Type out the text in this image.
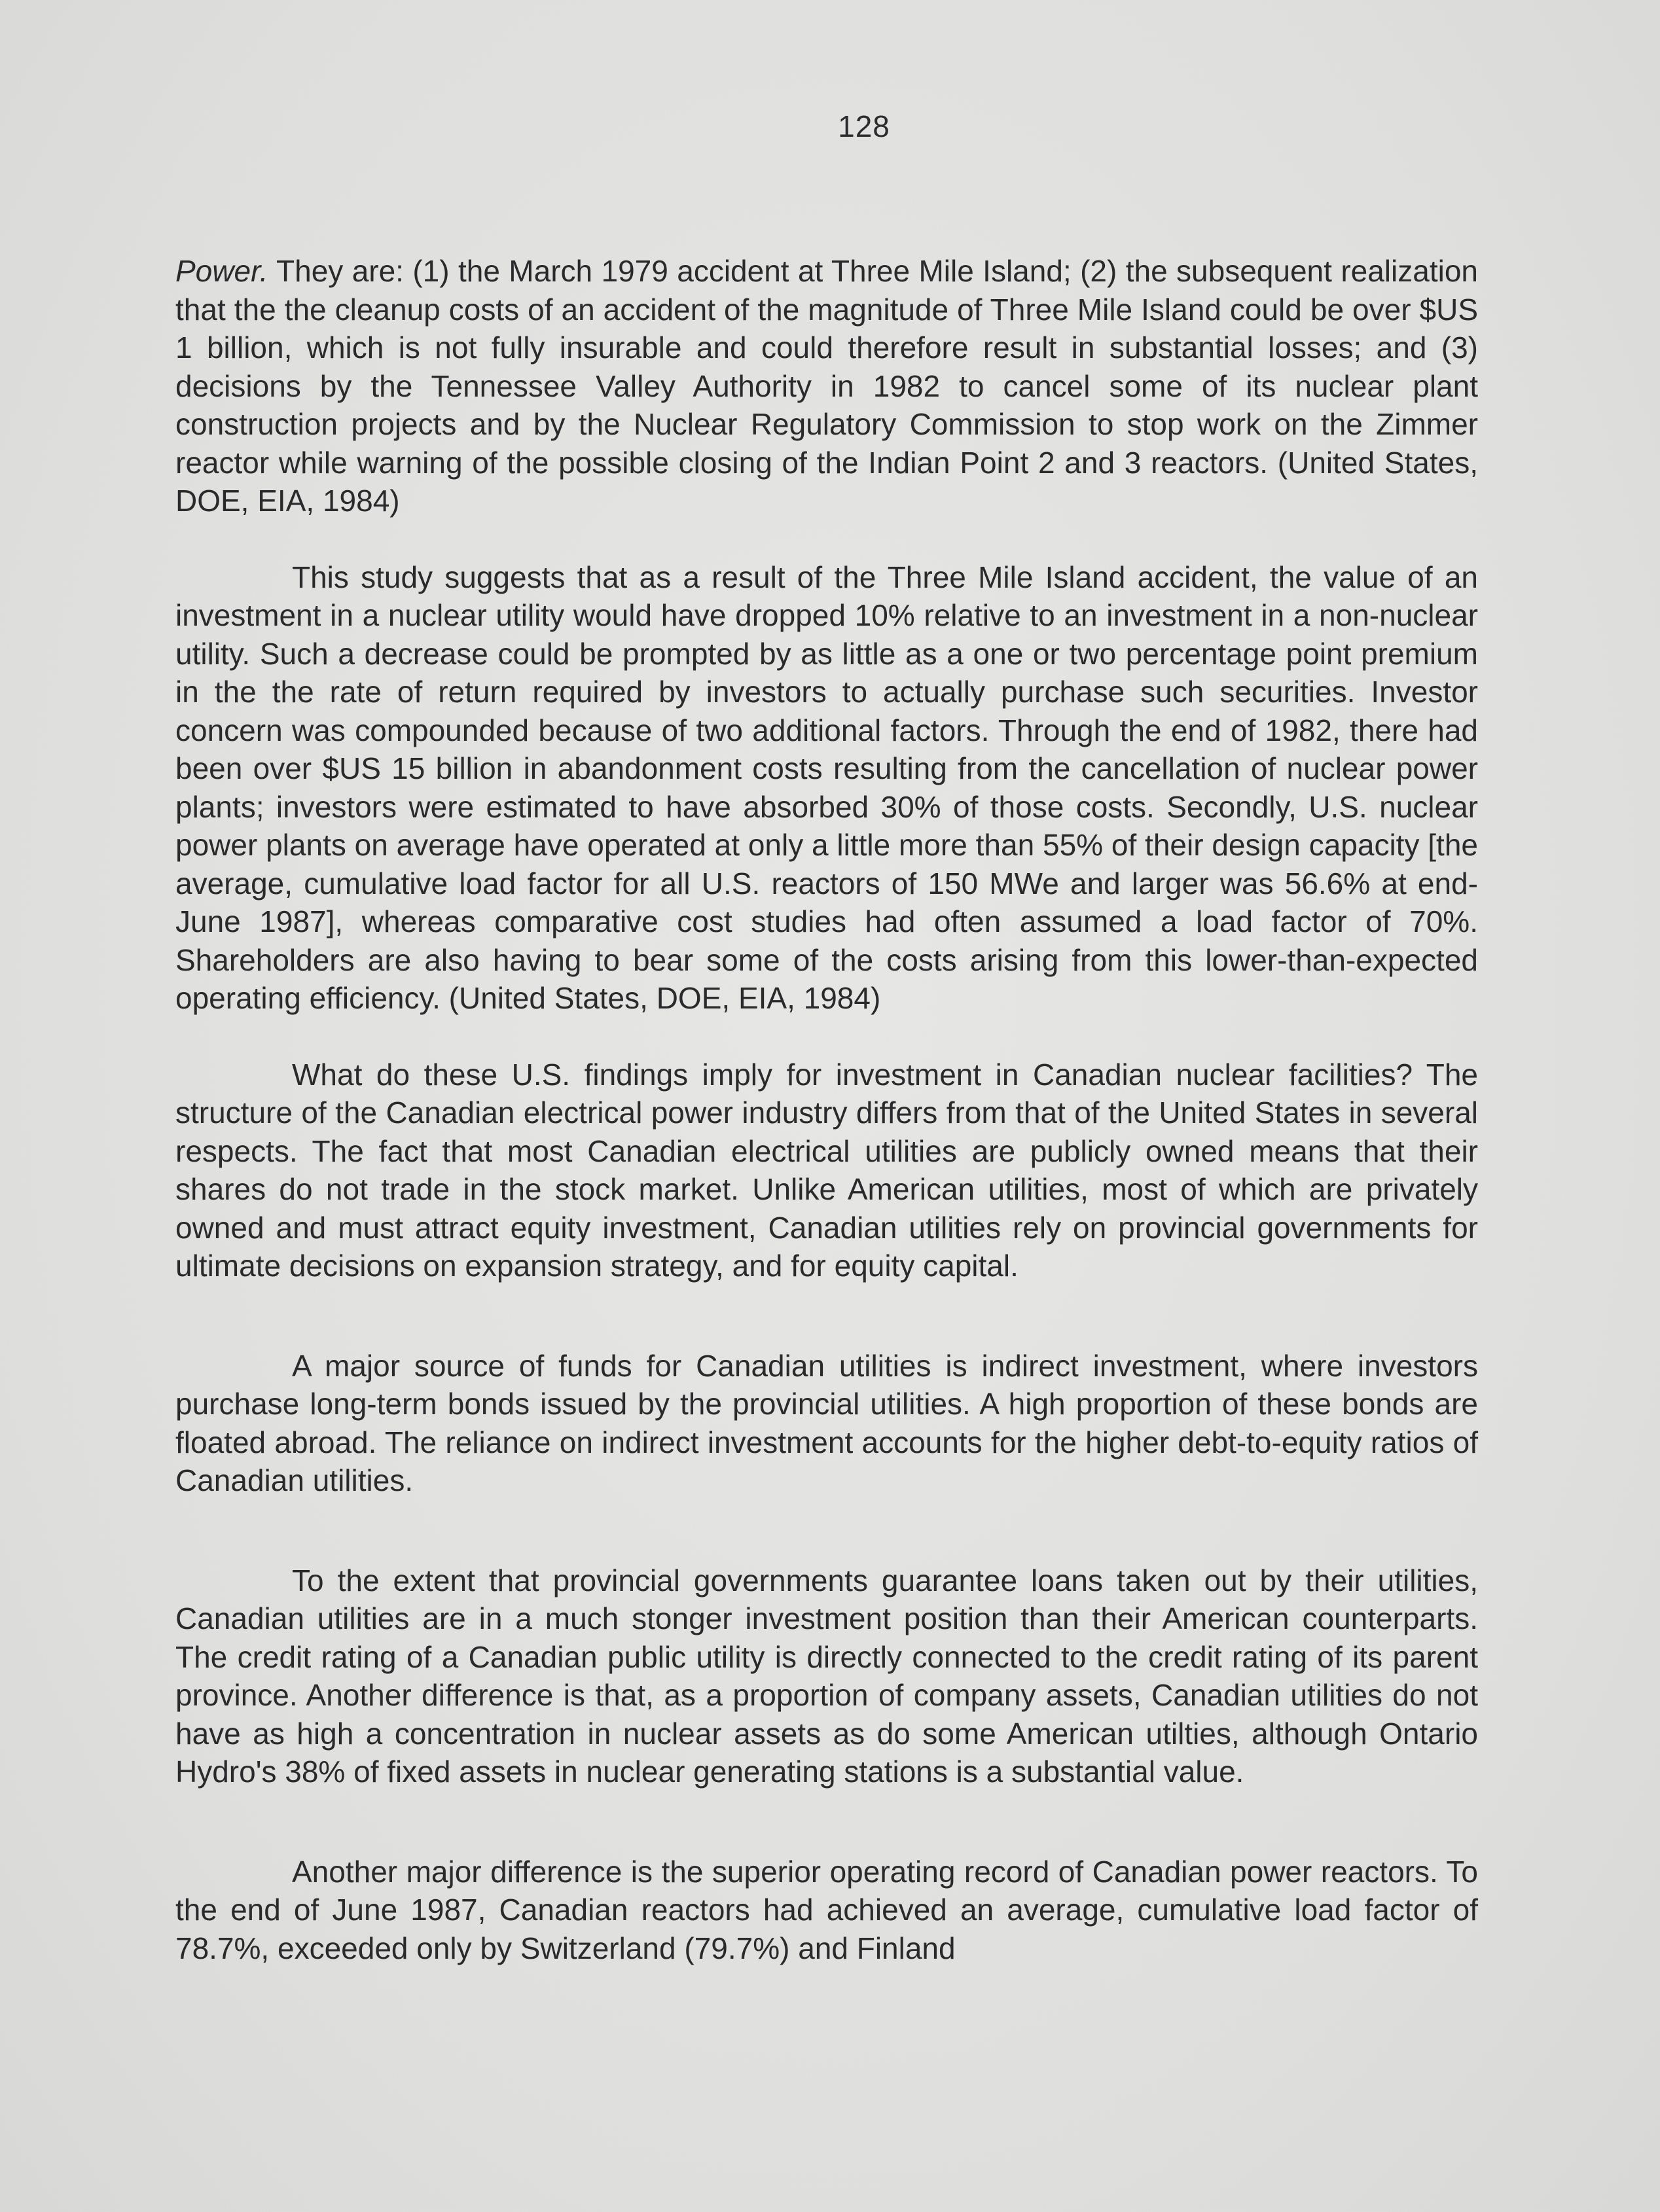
128

Power. They are: (1) the March 1979 accident at Three Mile Island; (2) the subsequent realization that the the cleanup costs of an accident of the magnitude of Three Mile Island could be over $US 1 billion, which is not fully insurable and could therefore result in substantial losses; and (3) decisions by the Tennessee Valley Authority in 1982 to cancel some of its nuclear plant construction projects and by the Nuclear Regulatory Commission to stop work on the Zimmer reactor while warning of the possible closing of the Indian Point 2 and 3 reactors. (United States, DOE, EIA, 1984)

This study suggests that as a result of the Three Mile Island accident, the value of an investment in a nuclear utility would have dropped 10% relative to an investment in a non-nuclear utility. Such a decrease could be prompted by as little as a one or two percentage point premium in the the rate of return required by investors to actually purchase such securities. Investor concern was compounded because of two additional factors. Through the end of 1982, there had been over $US 15 billion in abandonment costs resulting from the cancellation of nuclear power plants; investors were estimated to have absorbed 30% of those costs. Secondly, U.S. nuclear power plants on average have operated at only a little more than 55% of their design capacity [the average, cumulative load factor for all U.S. reactors of 150 MWe and larger was 56.6% at end-June 1987], whereas comparative cost studies had often assumed a load factor of 70%. Shareholders are also having to bear some of the costs arising from this lower-than-expected operating efficiency. (United States, DOE, EIA, 1984)

What do these U.S. findings imply for investment in Canadian nuclear facilities? The structure of the Canadian electrical power industry differs from that of the United States in several respects. The fact that most Canadian electrical utilities are publicly owned means that their shares do not trade in the stock market. Unlike American utilities, most of which are privately owned and must attract equity investment, Canadian utilities rely on provincial governments for ultimate decisions on expansion strategy, and for equity capital.

A major source of funds for Canadian utilities is indirect investment, where investors purchase long-term bonds issued by the provincial utilities. A high proportion of these bonds are floated abroad. The reliance on indirect investment accounts for the higher debt-to-equity ratios of Canadian utilities.

To the extent that provincial governments guarantee loans taken out by their utilities, Canadian utilities are in a much stonger investment position than their American counterparts. The credit rating of a Canadian public utility is directly connected to the credit rating of its parent province. Another difference is that, as a proportion of company assets, Canadian utilities do not have as high a concentration in nuclear assets as do some American utilties, although Ontario Hydro's 38% of fixed assets in nuclear generating stations is a substantial value.

Another major difference is the superior operating record of Canadian power reactors. To the end of June 1987, Canadian reactors had achieved an average, cumulative load factor of 78.7%, exceeded only by Switzerland (79.7%) and Finland
